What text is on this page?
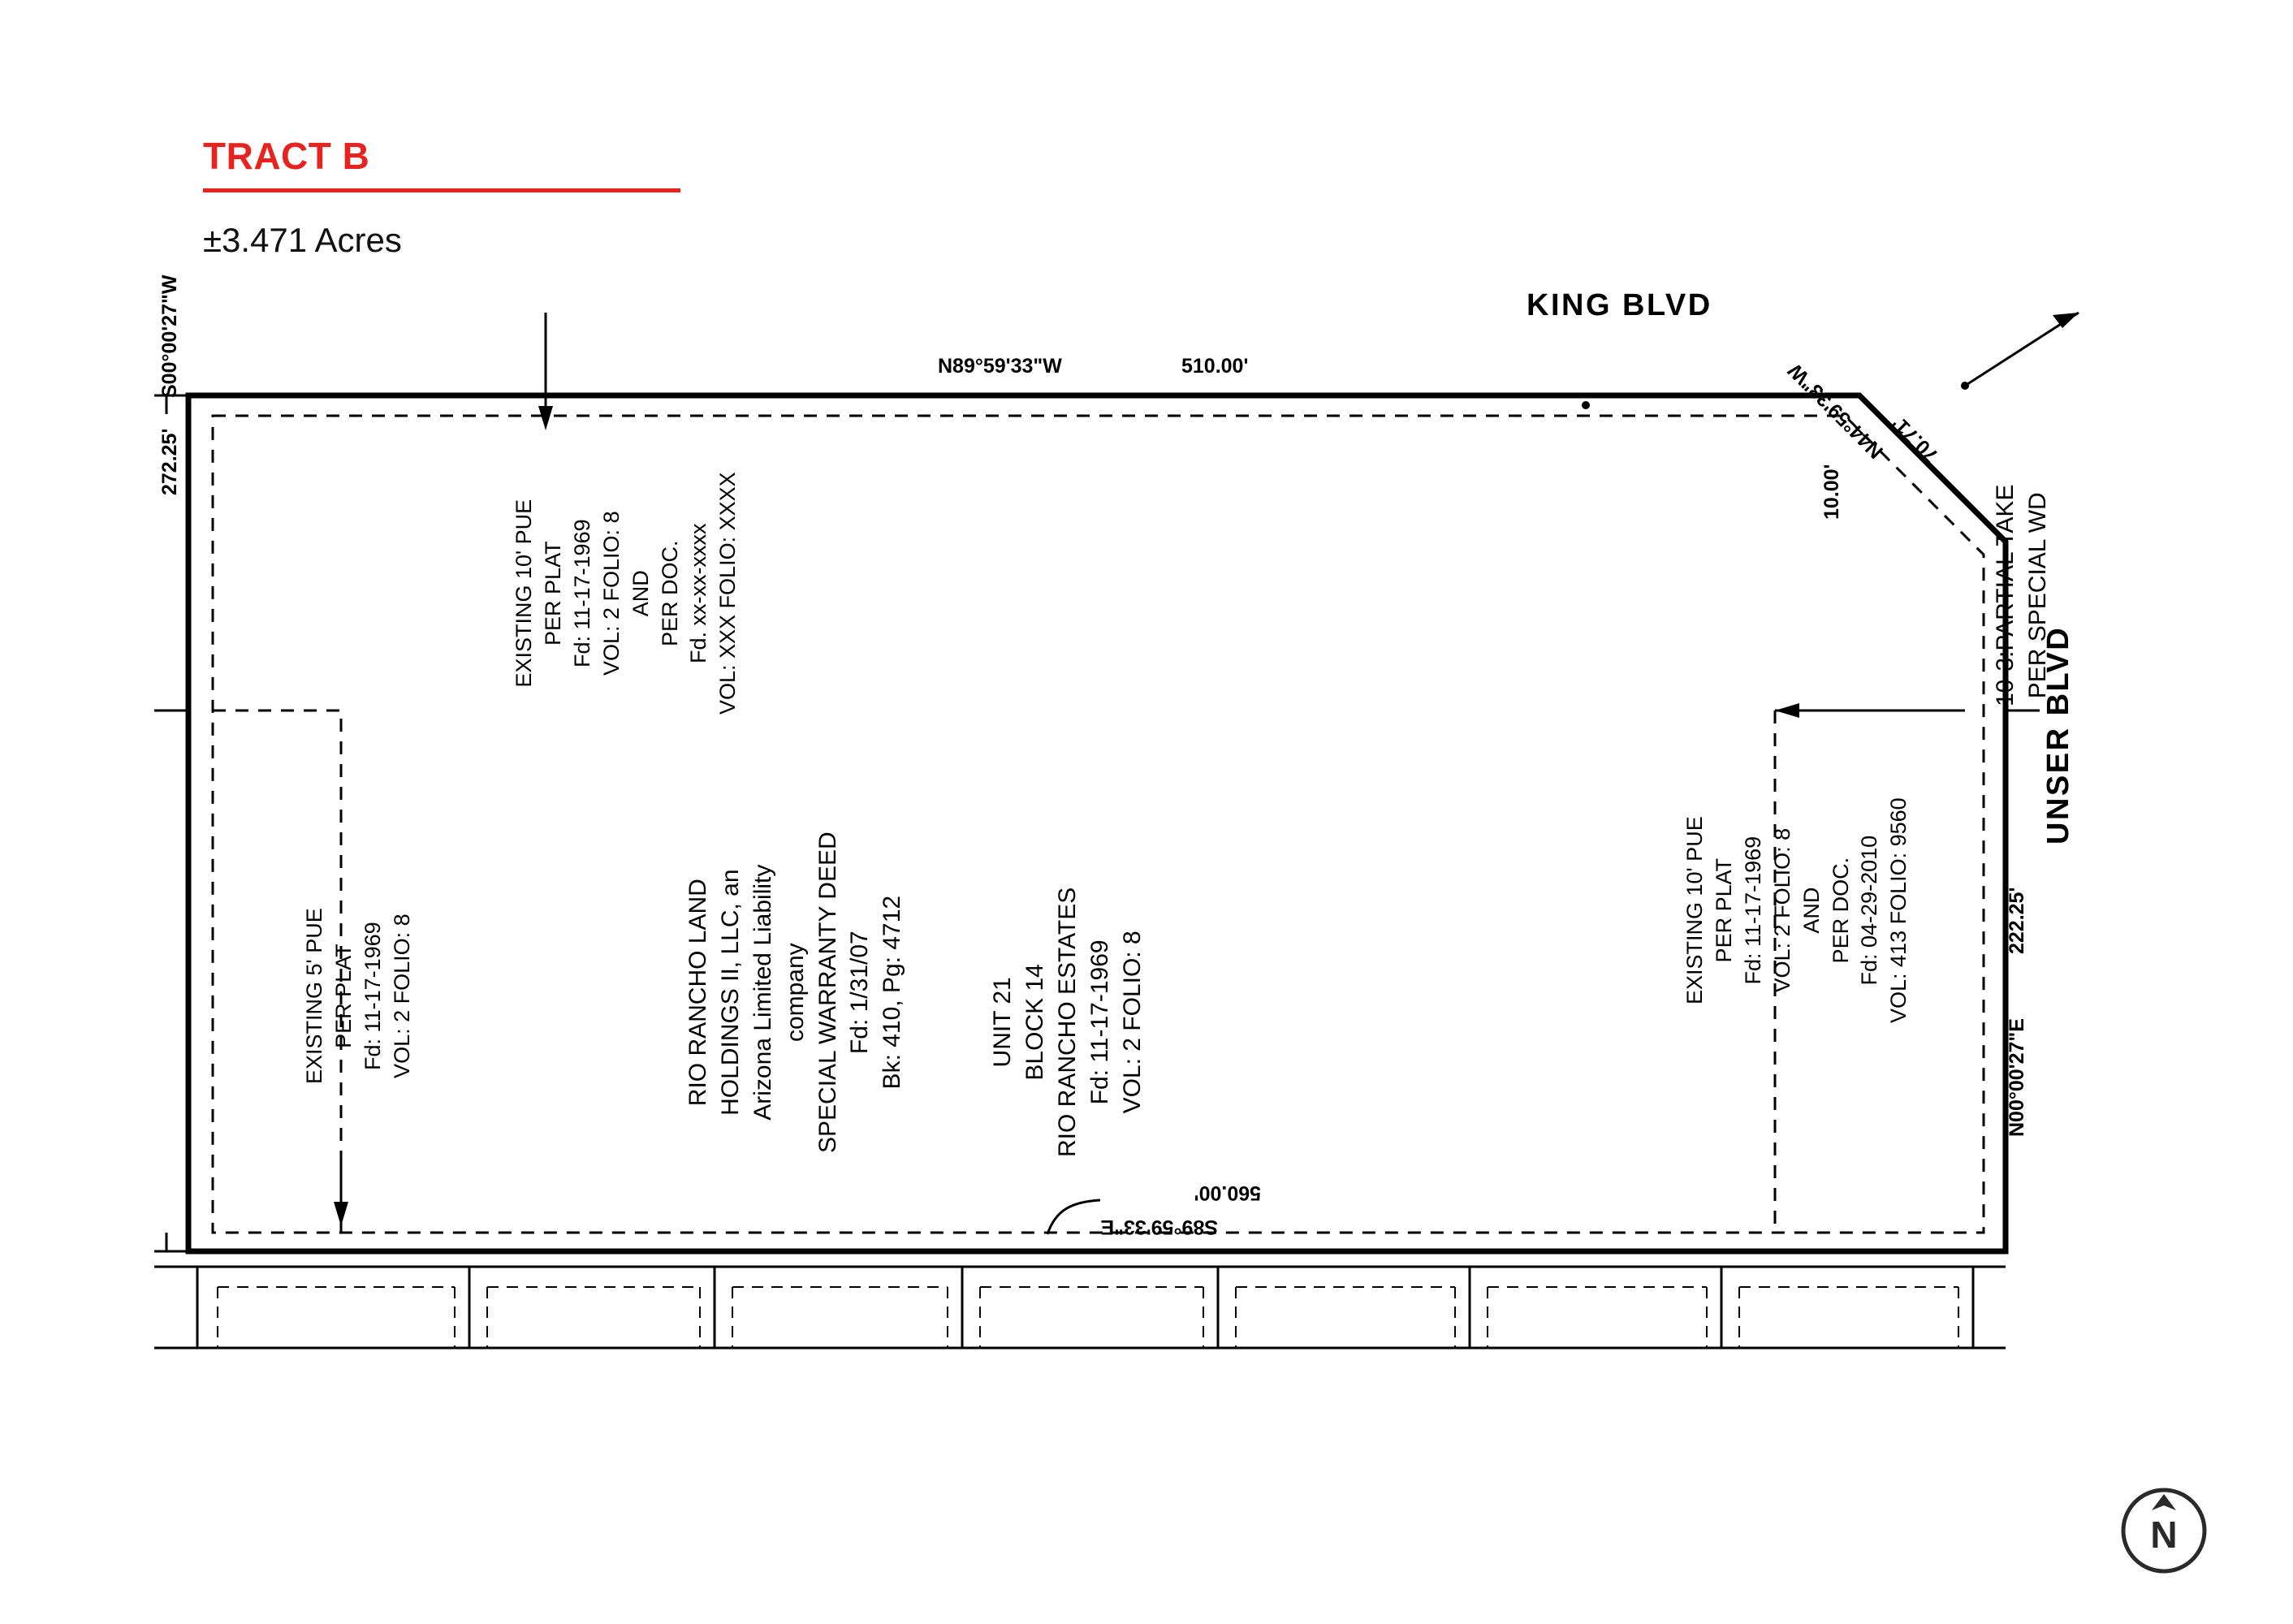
TRACT B
±3.471 Acres
KING BLVD
UNSER BLVD
N89°59'33"W	510.00'
S00°00'27"W
272.25'
N00°00'27"E
222.25'
S89°59'33"E
560.00'
N44°59'33"W 70.71'
10.00'
EXISTING 5' PUE PER PLAT Fd: 11-17-1969 VOL: 2 FOLIO: 8
EXISTING 10' PUE PER PLAT Fd: 11-17-1969 VOL: 2 FOLIO: 8 AND PER DOC. Fd. xx-xx-xxxx VOL: XXX FOLIO: XXXX
RIO RANCHO LAND HOLDINGS II, LLC, an Arizona Limited Liability company SPECIAL WARRANTY DEED Fd: 1/31/07 Bk: 410, Pg: 4712	UNIT 21 BLOCK 14 RIO RANCHO ESTATES Fd: 11-17-1969 VOL: 2 FOLIO: 8
EXISTING 10' PUE PER PLAT Fd: 11-17-1969 VOL: 2 FOLIO: 8 AND PER DOC. Fd: 04-29-2010 VOL: 413 FOLIO: 9560
10-3:PARTIAL TAKE PER SPECIAL WD
N
